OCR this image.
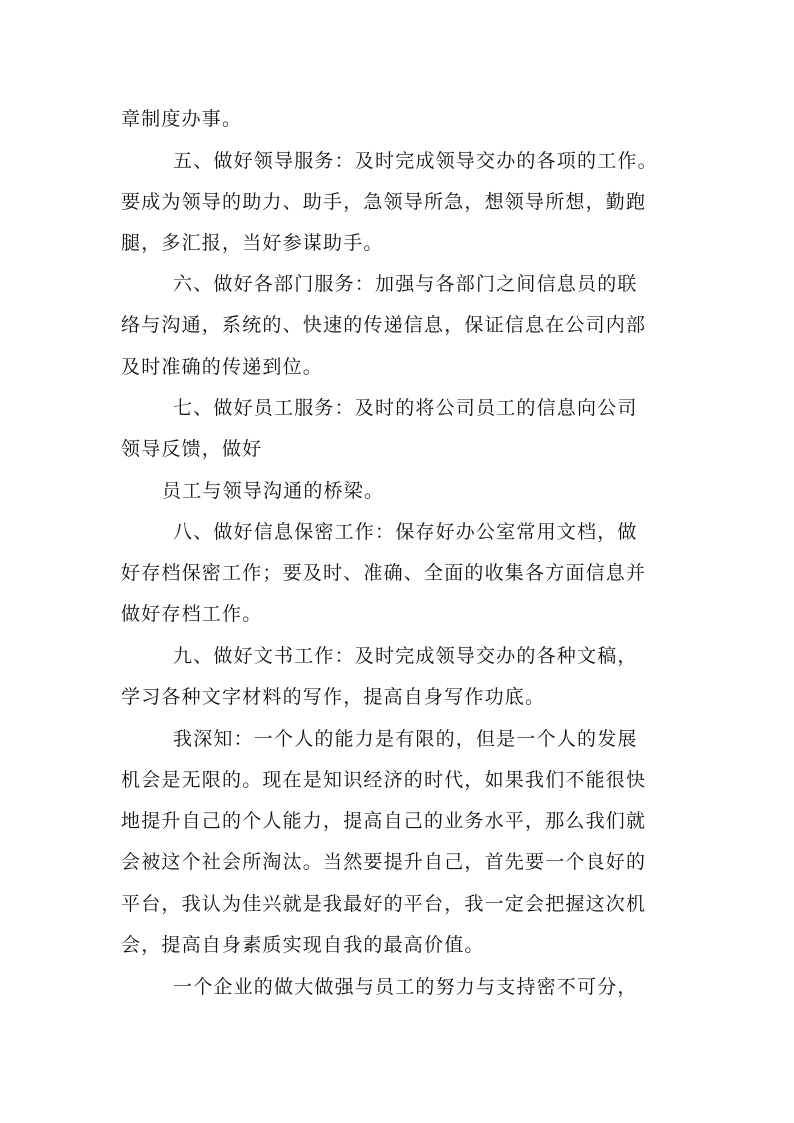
章制度办事。
五、做好领导服务：及时完成领导交办的各项的工作。
要成为领导的助力、助手，急领导所急，想领导所想，勤跑
腿，多汇报，当好参谋助手。
六、做好各部门服务：加强与各部门之间信息员的联
络与沟通，系统的、快速的传递信息，保证信息在公司内部
及时准确的传递到位。
七、做好员工服务：及时的将公司员工的信息向公司
领导反馈，做好
员工与领导沟通的桥梁。
八、做好信息保密工作：保存好办公室常用文档，做
好存档保密工作；要及时、准确、全面的收集各方面信息并
做好存档工作。
九、做好文书工作：及时完成领导交办的各种文稿，
学习各种文字材料的写作，提高自身写作功底。
我深知：一个人的能力是有限的，但是一个人的发展
机会是无限的。现在是知识经济的时代，如果我们不能很快
地提升自己的个人能力，提高自己的业务水平，那么我们就
会被这个社会所淘汰。当然要提升自己，首先要一个良好的
平台，我认为佳兴就是我最好的平台，我一定会把握这次机
会，提高自身素质实现自我的最高价值。
一个企业的做大做强与员工的努力与支持密不可分，
